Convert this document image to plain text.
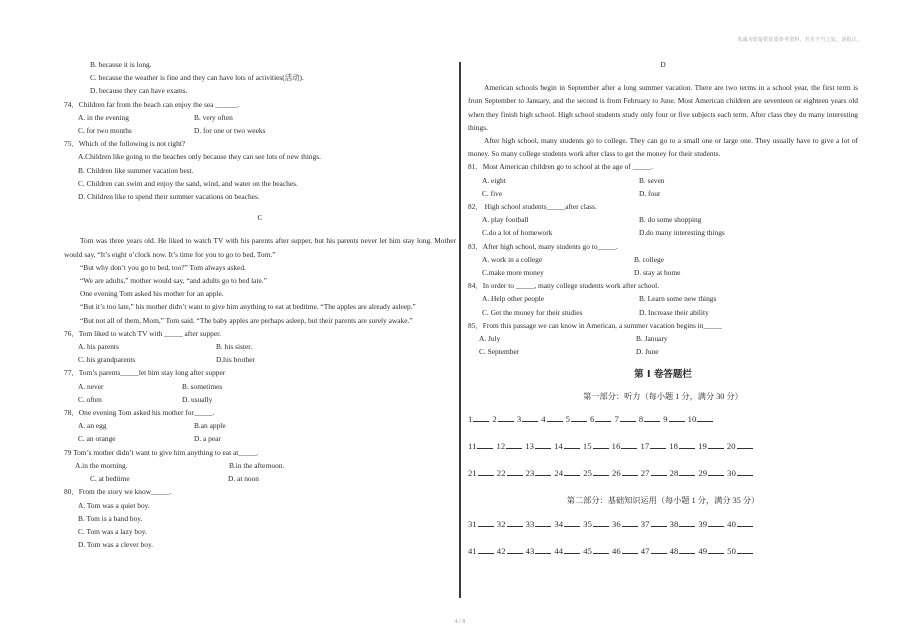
真诚为您提供优质参考资料，若有不当之处，请指正。
B. because it is long.
C. because the weather is fine and they can have lots of activities(活动).
D. because they can have exams.
74．Children far from the beach can enjoy the sea ______.
A. in the evening	B. very often
C. for two months	D. for one or two weeks
75．Which of the following is not right?
A.Children like going to the beaches only because they can see lots of new things.
B. Children like summer vacation best.
C. Children can swim and enjoy the sand, wind, and water on the beaches.
D. Children like to spend their summer vacations on beaches.
C
Tom was three years old. He liked to watch TV with his parents after supper, but his parents never let him stay long. Mother would say, “It’s eight o’clock now. It’s time for you to go to bed, Tom.”
“But why don’t you go to bed, too?” Tom always asked.
“We are adults,” mother would say, “and adults go to bed late.”
One evening Tom asked his mother for an apple.
“But it’s too late,” his mother didn’t want to give him anything to eat at bedtime. “The apples are already asleep.”
“But not all of them, Mom,” Tom said. “The baby apples are perhaps asleep, but their parents are surely awake.”
76．Tom liked to watch TV with _____ after supper.
A. his parents	B. his sister.
C. his grandparents	D.his brother
77．Tom’s parents_____let him stay long after supper
A. never	B. sometimes
C. often	D. usually
78．One evening Tom asked his mother for_____.
A. an egg	B.an apple
C. an orange	D. a pear
79 Tom’s mother didn’t want to give him anything to eat at_____.
A.in the morning.	B.in the afternoon.
C. at bedtime	D. at noon
80．From the story we know_____.
A. Tom was a quiet boy.
B. Tom is a band boy.
C. Tom was a lazy boy.
D. Tom was a clever boy.
D
American schools begin in September after a long summer vacation. There are two terms in a school year, the first term is from September to January, and the second is from February to June. Most American children are seventeen or eighteen years old when they finish high school. High school students study only four or five subjects each term. After class they do many interesting things.
After high school, many students go to college. They can go to a small one or large one. They usually have to give a lot of money. So many college students work after class to get the money for their students.
81．Most American children go to school at the age of _____.
A. eight	B. seven
C. five	D. four
82． High school students_____after class.
A. play football	B. do some shopping
C.do a lot of homework	D.do many interesting things
83．After high school, many students go to_____.
A. work in a college	B. college
C.make more money	D. stay at home
84．In order to _____, many college students work after school.
A. Help other people	B. Learn some new things
C. Get the money for their studies	D. Increase their ability
85．From this passage we can know in American, a summer vacation begins in_____
A. July	B. January
C. September	D. June
第 I 卷答题栏
第一部分：听力（每小题 1 分，满分 30 分）
1 2 3 4 5 6 7 8 9 10
11 12 13 14 15 16 17 18 19 20
21 22 23 24 25 26 27 28 29 30
第二部分：基础知识运用（每小题 1 分，满分 35 分）
31 32 33 34 35 36 37 38 39 40
41 42 43 44 45 46 47 48 49 50
4 / 8
